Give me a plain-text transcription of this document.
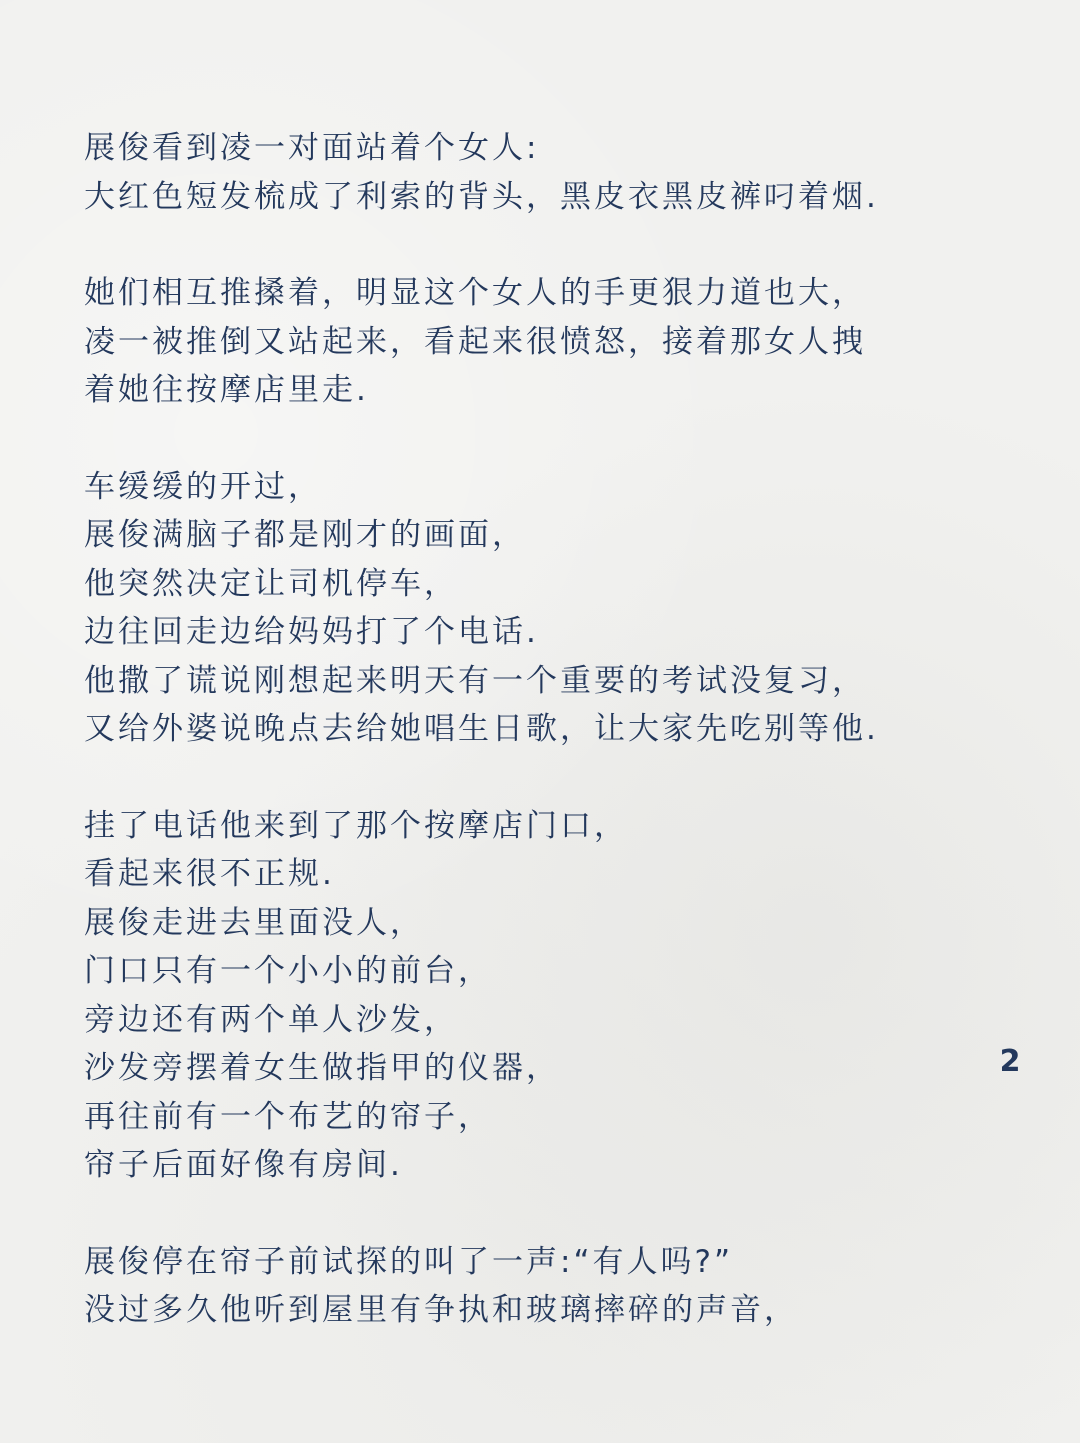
展俊看到凌一对面站着个女人:
大红色短发梳成了利索的背头，黑皮衣黑皮裤叼着烟.

她们相互推搡着，明显这个女人的手更狠力道也大，
凌一被推倒又站起来，看起来很愤怒，接着那女人拽
着她往按摩店里走.

车缓缓的开过，
展俊满脑子都是刚才的画面，
他突然决定让司机停车，
边往回走边给妈妈打了个电话.
他撒了谎说刚想起来明天有一个重要的考试没复习，
又给外婆说晚点去给她唱生日歌，让大家先吃别等他.

挂了电话他来到了那个按摩店门口，
看起来很不正规.
展俊走进去里面没人，
门口只有一个小小的前台，
旁边还有两个单人沙发，
沙发旁摆着女生做指甲的仪器，
再往前有一个布艺的帘子，
帘子后面好像有房间.

展俊停在帘子前试探的叫了一声:“有人吗?”
没过多久他听到屋里有争执和玻璃摔碎的声音，

2
